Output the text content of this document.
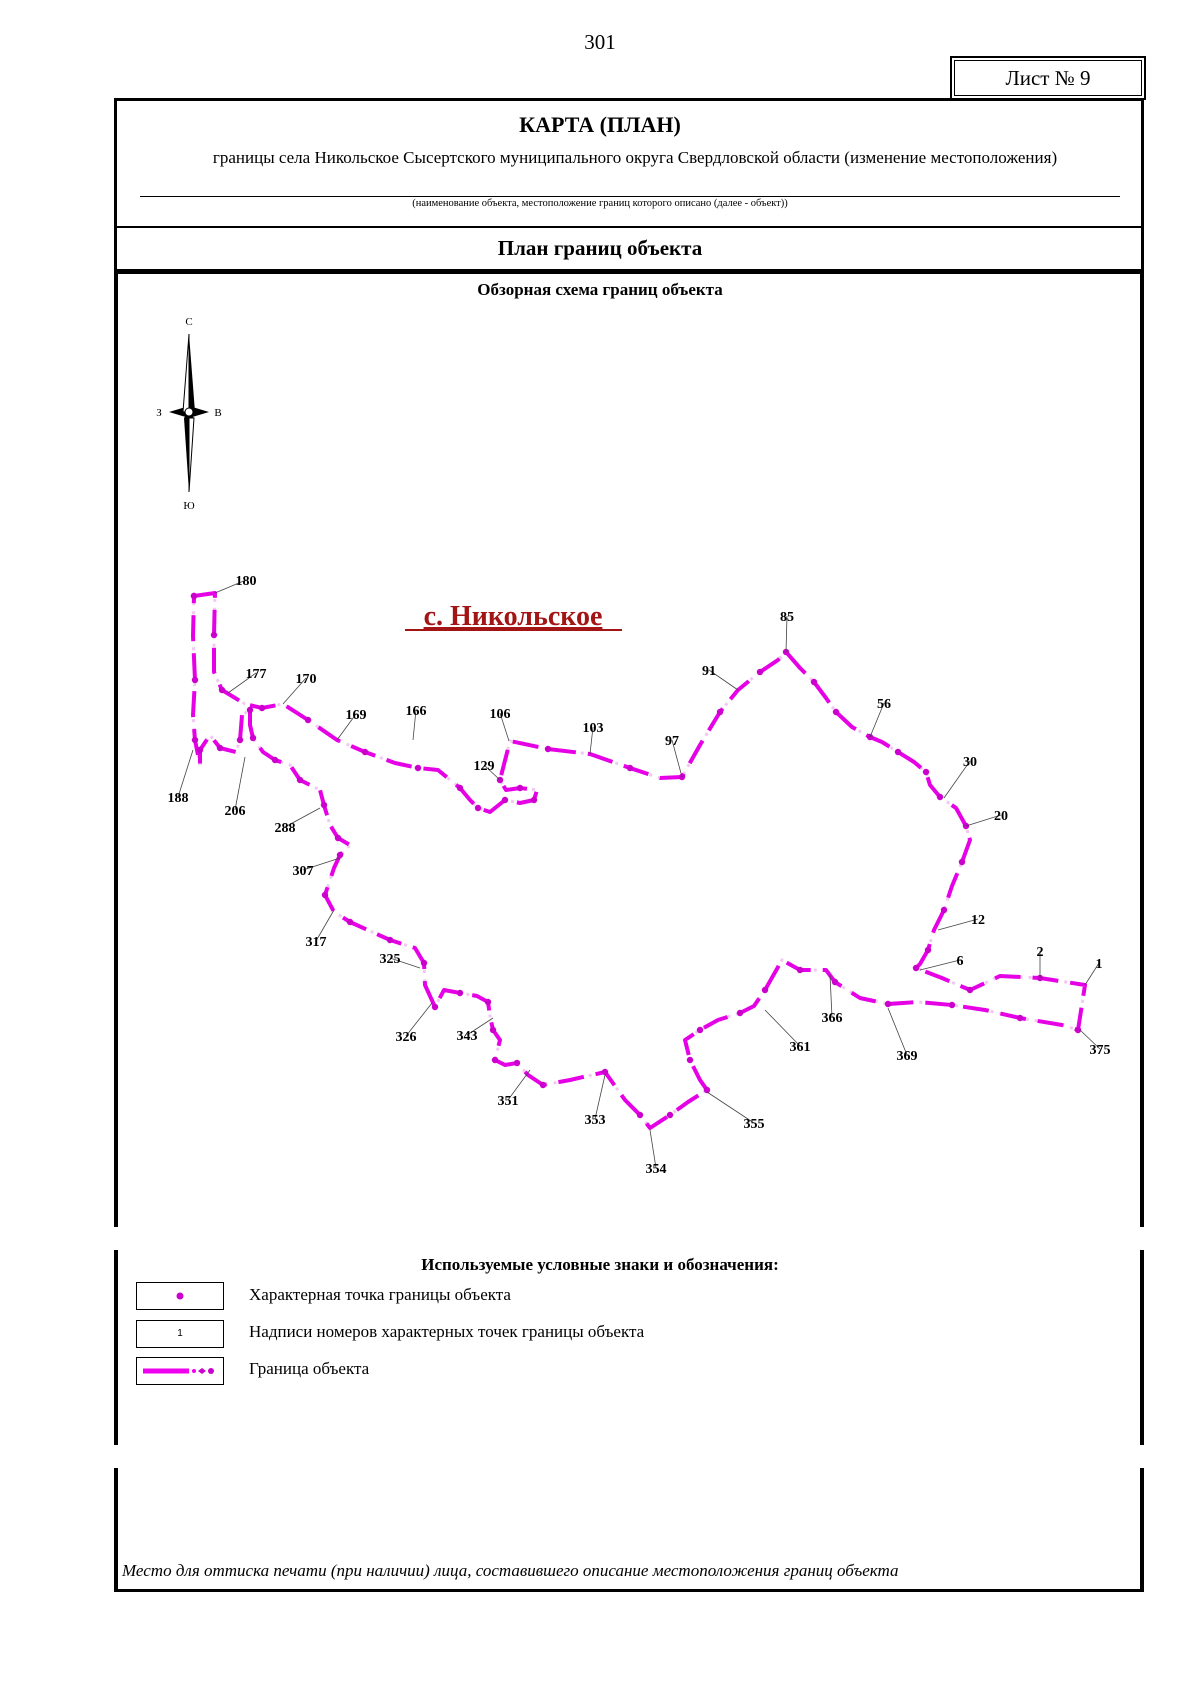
301
Лист № 9
КАРТА (ПЛАН)
границы села Никольское Сысертского муниципального округа Свердловской области (изменение местоположения)
(наименование объекта, местоположение границ которого описано (далее - объект))
План границ объекта
Обзорная схема границ объекта
С
Ю
З	В
с. Никольское
180
85
177 170
91
169	166	106
103
56
97
129	30
188
206	20
288
307
12
317
6
2
1
325
366
326	343
361
369	375
351
353	355
354
Используемые условные знаки и обозначения:
Характерная точка границы объекта
1	Надписи номеров характерных точек границы объекта
Граница объекта
Место для оттиска печати (при наличии) лица, составившего описание местоположения границ объекта
